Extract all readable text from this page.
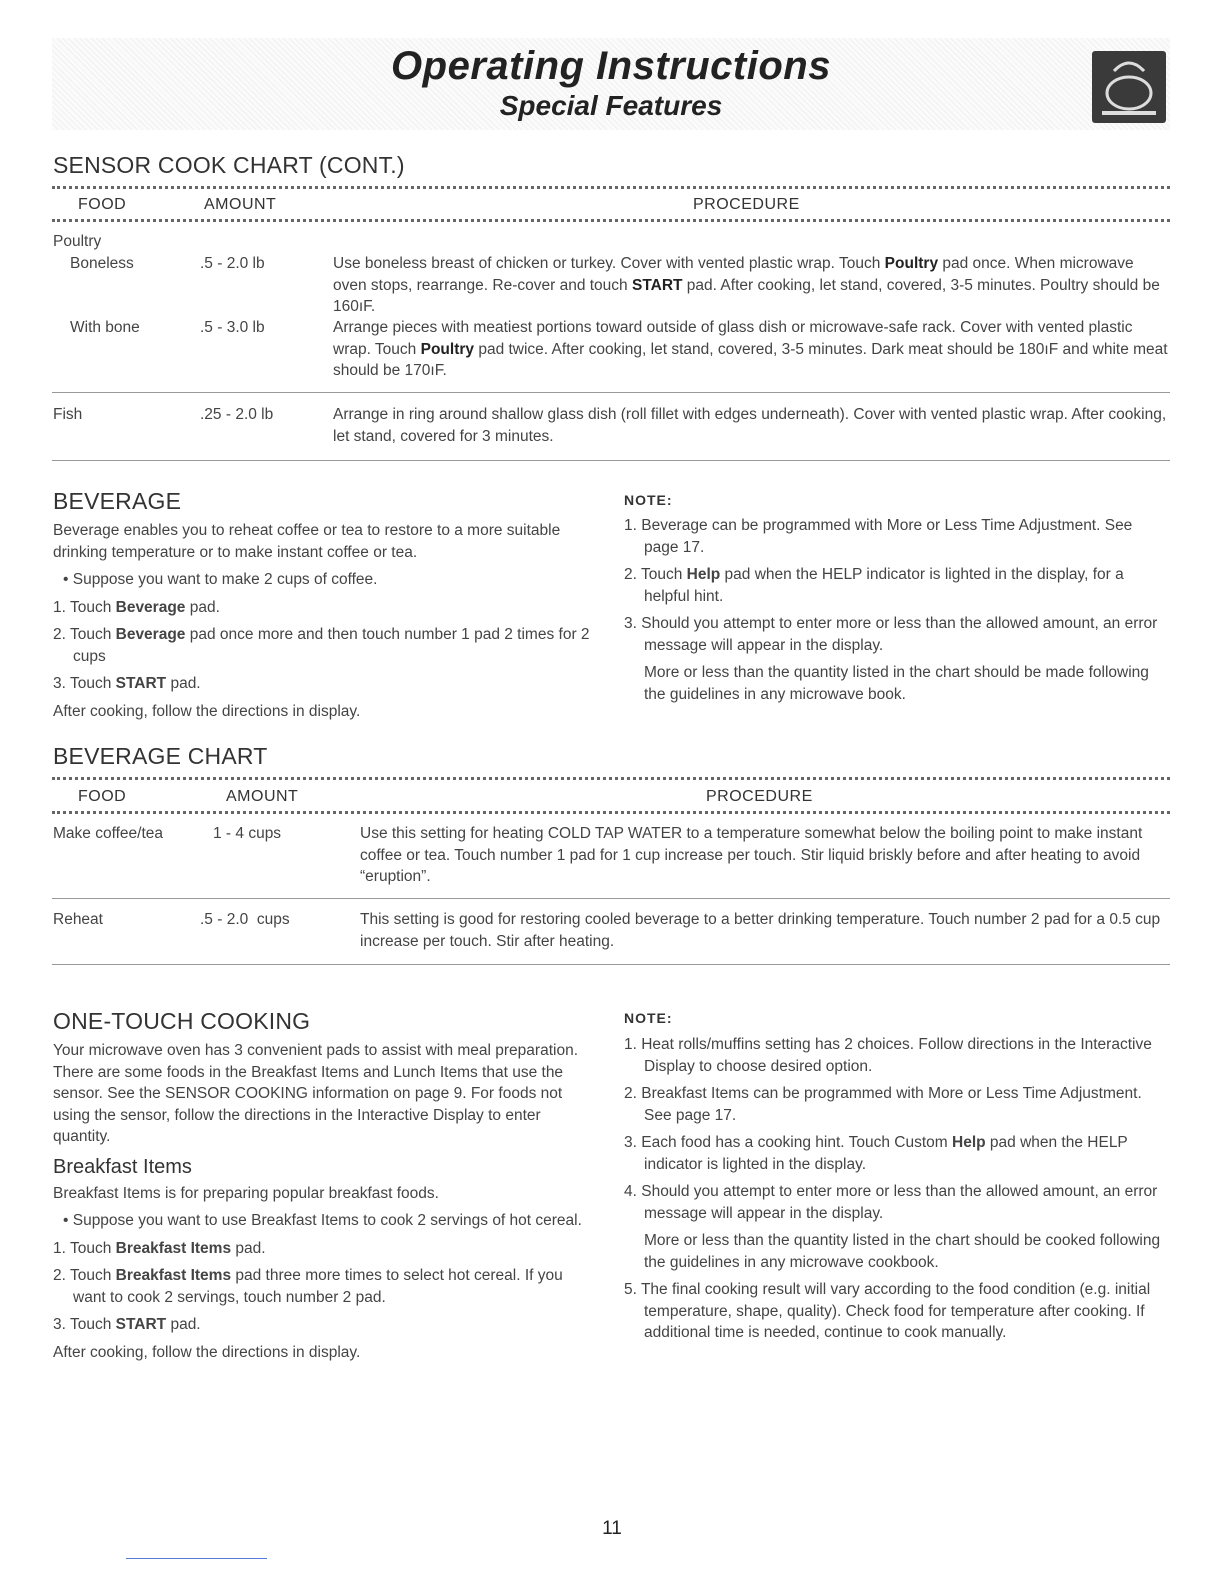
Operating Instructions
Special Features
SENSOR COOK CHART (CONT.)
FOOD	AMOUNT	PROCEDURE
Poultry
Boneless	.5 - 2.0 lb	Use boneless breast of chicken or turkey. Cover with vented plastic wrap. Touch Poultry pad once. When microwave oven stops, rearrange. Re-cover and touch START pad. After cooking, let stand, covered, 3-5 minutes. Poultry should be 160ıF.
With bone	.5 - 3.0 lb	Arrange pieces with meatiest portions toward outside of glass dish or microwave-safe rack. Cover with vented plastic wrap. Touch Poultry pad twice. After cooking, let stand, covered, 3-5 minutes. Dark meat should be 180ıF and white meat should be 170ıF.
Fish	.25 - 2.0 lb	Arrange in ring around shallow glass dish (roll fillet with edges underneath). Cover with vented plastic wrap. After cooking, let stand, covered for 3 minutes.
BEVERAGE
Beverage enables you to reheat coffee or tea to restore to a more suitable drinking temperature or to make instant coffee or tea.
• Suppose you want to make 2 cups of coffee.
1. Touch Beverage pad.
2. Touch Beverage pad once more and then touch number 1 pad 2 times for 2 cups
3. Touch START pad.
After cooking, follow the directions in display.
NOTE:
1. Beverage can be programmed with More or Less Time Adjustment. See page 17.
2. Touch Help pad when the HELP indicator is lighted in the display, for a helpful hint.
3. Should you attempt to enter more or less than the allowed amount, an error message will appear in the display.
More or less than the quantity listed in the chart should be made following the guidelines in any microwave book.
BEVERAGE CHART
FOOD	AMOUNT	PROCEDURE
Make coffee/tea	1 - 4 cups	Use this setting for heating COLD TAP WATER to a temperature somewhat below the boiling point to make instant coffee or tea. Touch number 1 pad for 1 cup increase per touch. Stir liquid briskly before and after heating to avoid “eruption”.
Reheat	.5 - 2.0  cups	This setting is good for restoring cooled beverage to a better drinking temperature. Touch number 2 pad for a 0.5 cup increase per touch. Stir after heating.
ONE-TOUCH COOKING
Your microwave oven has 3 convenient pads to assist with meal preparation. There are some foods in the Breakfast Items and Lunch Items that use the sensor. See the SENSOR COOKING information on page 9. For foods not using the sensor, follow the directions in the Interactive Display to enter quantity.
Breakfast Items
Breakfast Items is for preparing popular breakfast foods.
• Suppose you want to use Breakfast Items to cook 2 servings of hot cereal.
1. Touch Breakfast Items pad.
2. Touch Breakfast Items pad three more times to select hot cereal. If you want to cook 2 servings, touch number 2 pad.
3. Touch START pad.
After cooking, follow the directions in display.
NOTE:
1. Heat rolls/muffins setting has 2 choices. Follow directions in the Interactive Display to choose desired option.
2. Breakfast Items can be programmed with More or Less Time Adjustment. See page 17.
3. Each food has a cooking hint. Touch Custom Help pad when the HELP indicator is lighted in the display.
4. Should you attempt to enter more or less than the allowed amount, an error message will appear in the display.
More or less than the quantity listed in the chart should be cooked following the guidelines in any microwave cookbook.
5. The final cooking result will vary according to the food condition (e.g. initial temperature, shape, quality). Check food for temperature after cooking. If additional time is needed, continue to cook manually.
11
